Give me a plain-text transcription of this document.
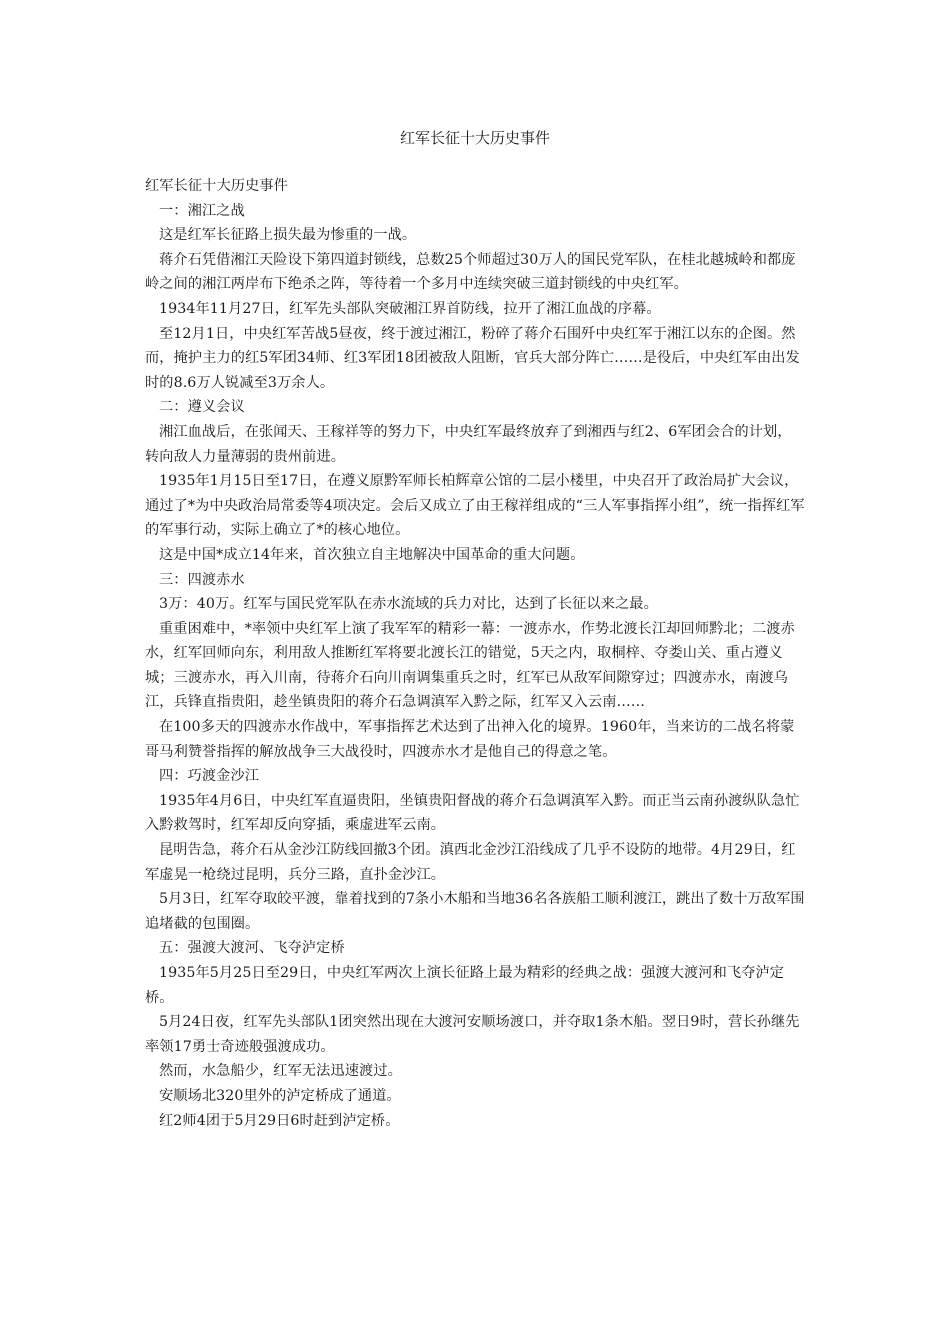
红军长征十大历史事件

红军长征十大历史事件

一：湘江之战

这是红军长征路上损失最为惨重的一战。

蒋介石凭借湘江天险设下第四道封锁线，总数25个师超过30万人的国民党军队，在桂北越城岭和都庞岭之间的湘江两岸布下绝杀之阵，等待着一个多月中连续突破三道封锁线的中央红军。

1934年11月27日，红军先头部队突破湘江界首防线，拉开了湘江血战的序幕。

至12月1日，中央红军苦战5昼夜，终于渡过湘江，粉碎了蒋介石围歼中央红军于湘江以东的企图。然而，掩护主力的红5军团34师、红3军团18团被敌人阻断，官兵大部分阵亡……是役后，中央红军由出发时的8.6万人锐减至3万余人。

二：遵义会议

湘江血战后，在张闻天、王稼祥等的努力下，中央红军最终放弃了到湘西与红2、6军团会合的计划，转向敌人力量薄弱的贵州前进。

1935年1月15日至17日，在遵义原黔军师长柏辉章公馆的二层小楼里，中央召开了政治局扩大会议，通过了*为中央政治局常委等4项决定。会后又成立了由王稼祥组成的“三人军事指挥小组”，统一指挥红军的军事行动，实际上确立了*的核心地位。

这是中国*成立14年来，首次独立自主地解决中国革命的重大问题。

三：四渡赤水

3万：40万。红军与国民党军队在赤水流域的兵力对比，达到了长征以来之最。

重重困难中，*率领中央红军上演了我军军的精彩一幕：一渡赤水，作势北渡长江却回师黔北；二渡赤水，红军回师向东，利用敌人推断红军将要北渡长江的错觉，5天之内，取桐梓、夺娄山关、重占遵义城；三渡赤水，再入川南，待蒋介石向川南调集重兵之时，红军已从敌军间隙穿过；四渡赤水，南渡乌江，兵锋直指贵阳，趁坐镇贵阳的蒋介石急调滇军入黔之际，红军又入云南……

在100多天的四渡赤水作战中，军事指挥艺术达到了出神入化的境界。1960年，当来访的二战名将蒙哥马利赞誉指挥的解放战争三大战役时，四渡赤水才是他自己的得意之笔。

四：巧渡金沙江

1935年4月6日，中央红军直逼贵阳，坐镇贵阳督战的蒋介石急调滇军入黔。而正当云南孙渡纵队急忙入黔救驾时，红军却反向穿插，乘虚进军云南。

昆明告急，蒋介石从金沙江防线回撤3个团。滇西北金沙江沿线成了几乎不设防的地带。4月29日，红军虚晃一枪绕过昆明，兵分三路，直扑金沙江。

5月3日，红军夺取皎平渡，靠着找到的7条小木船和当地36名各族船工顺利渡江，跳出了数十万敌军围追堵截的包围圈。

五：强渡大渡河、飞夺泸定桥

1935年5月25日至29日，中央红军两次上演长征路上最为精彩的经典之战：强渡大渡河和飞夺泸定桥。

5月24日夜，红军先头部队1团突然出现在大渡河安顺场渡口，并夺取1条木船。翌日9时，营长孙继先率领17勇士奇迹般强渡成功。

然而，水急船少，红军无法迅速渡过。

安顺场北320里外的泸定桥成了通道。

红2师4团于5月29日6时赶到泸定桥。
